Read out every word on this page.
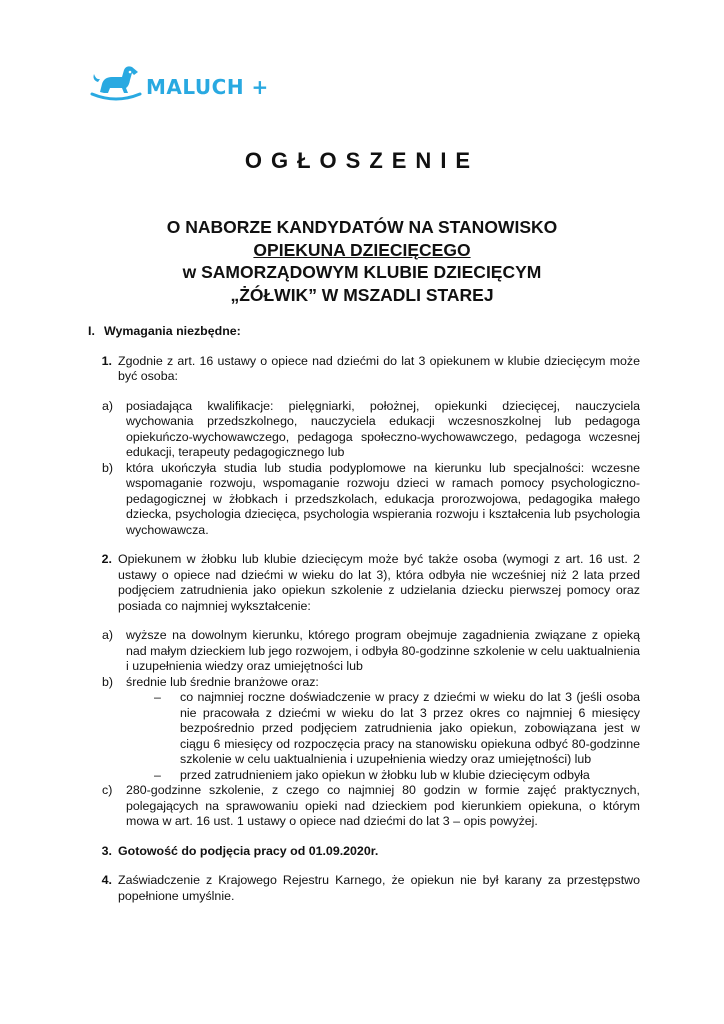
MALUCH +
OGŁOSZENIE
O NABORZE KANDYDATÓW NA STANOWISKO
OPIEKUNA DZIECIĘCEGO
w SAMORZĄDOWYM KLUBIE DZIECIĘCYM
„ŻÓŁWIK” W MSZADLI STAREJ
I. Wymagania niezbędne:
1. Zgodnie z art. 16 ustawy o opiece nad dziećmi do lat 3 opiekunem w klubie dziecięcym może być osoba:
a)	posiadająca kwalifikacje: pielęgniarki, położnej, opiekunki dziecięcej, nauczyciela wychowania przedszkolnego, nauczyciela edukacji wczesnoszkolnej lub pedagoga opiekuńczo-wychowawczego, pedagoga społeczno-wychowawczego, pedagoga wczesnej edukacji, terapeuty pedagogicznego lub
b)	która ukończyła studia lub studia podyplomowe na kierunku lub specjalności: wczesne wspomaganie rozwoju, wspomaganie rozwoju dzieci w ramach pomocy psychologiczno-pedagogicznej w żłobkach i przedszkolach, edukacja prorozwojowa, pedagogika małego dziecka, psychologia dziecięca, psychologia wspierania rozwoju i kształcenia lub psychologia wychowawcza.
2. Opiekunem w żłobku lub klubie dziecięcym może być także osoba (wymogi z art. 16 ust. 2 ustawy o opiece nad dziećmi w wieku do lat 3), która odbyła nie wcześniej niż 2 lata przed podjęciem zatrudnienia jako opiekun szkolenie z udzielania dziecku pierwszej pomocy oraz posiada co najmniej wykształcenie:
a)	wyższe na dowolnym kierunku, którego program obejmuje zagadnienia związane z opieką nad małym dzieckiem lub jego rozwojem, i odbyła 80-godzinne szkolenie w celu uaktualnienia i uzupełnienia wiedzy oraz umiejętności lub
b)	średnie lub średnie branżowe oraz:
–	co najmniej roczne doświadczenie w pracy z dziećmi w wieku do lat 3 (jeśli osoba nie pracowała z dziećmi w wieku do lat 3 przez okres co najmniej 6 miesięcy bezpośrednio przed podjęciem zatrudnienia jako opiekun, zobowiązana jest w ciągu 6 miesięcy od rozpoczęcia pracy na stanowisku opiekuna odbyć 80-godzinne szkolenie w celu uaktualnienia i uzupełnienia wiedzy oraz umiejętności) lub
–	przed zatrudnieniem jako opiekun w żłobku lub w klubie dziecięcym odbyła
c)	280-godzinne szkolenie, z czego co najmniej 80 godzin w formie zajęć praktycznych, polegających na sprawowaniu opieki nad dzieckiem pod kierunkiem opiekuna, o którym mowa w art. 16 ust. 1 ustawy o opiece nad dziećmi do lat 3 – opis powyżej.
3. Gotowość do podjęcia pracy od 01.09.2020r.
4. Zaświadczenie z Krajowego Rejestru Karnego, że opiekun nie był karany za przestępstwo popełnione umyślnie.
